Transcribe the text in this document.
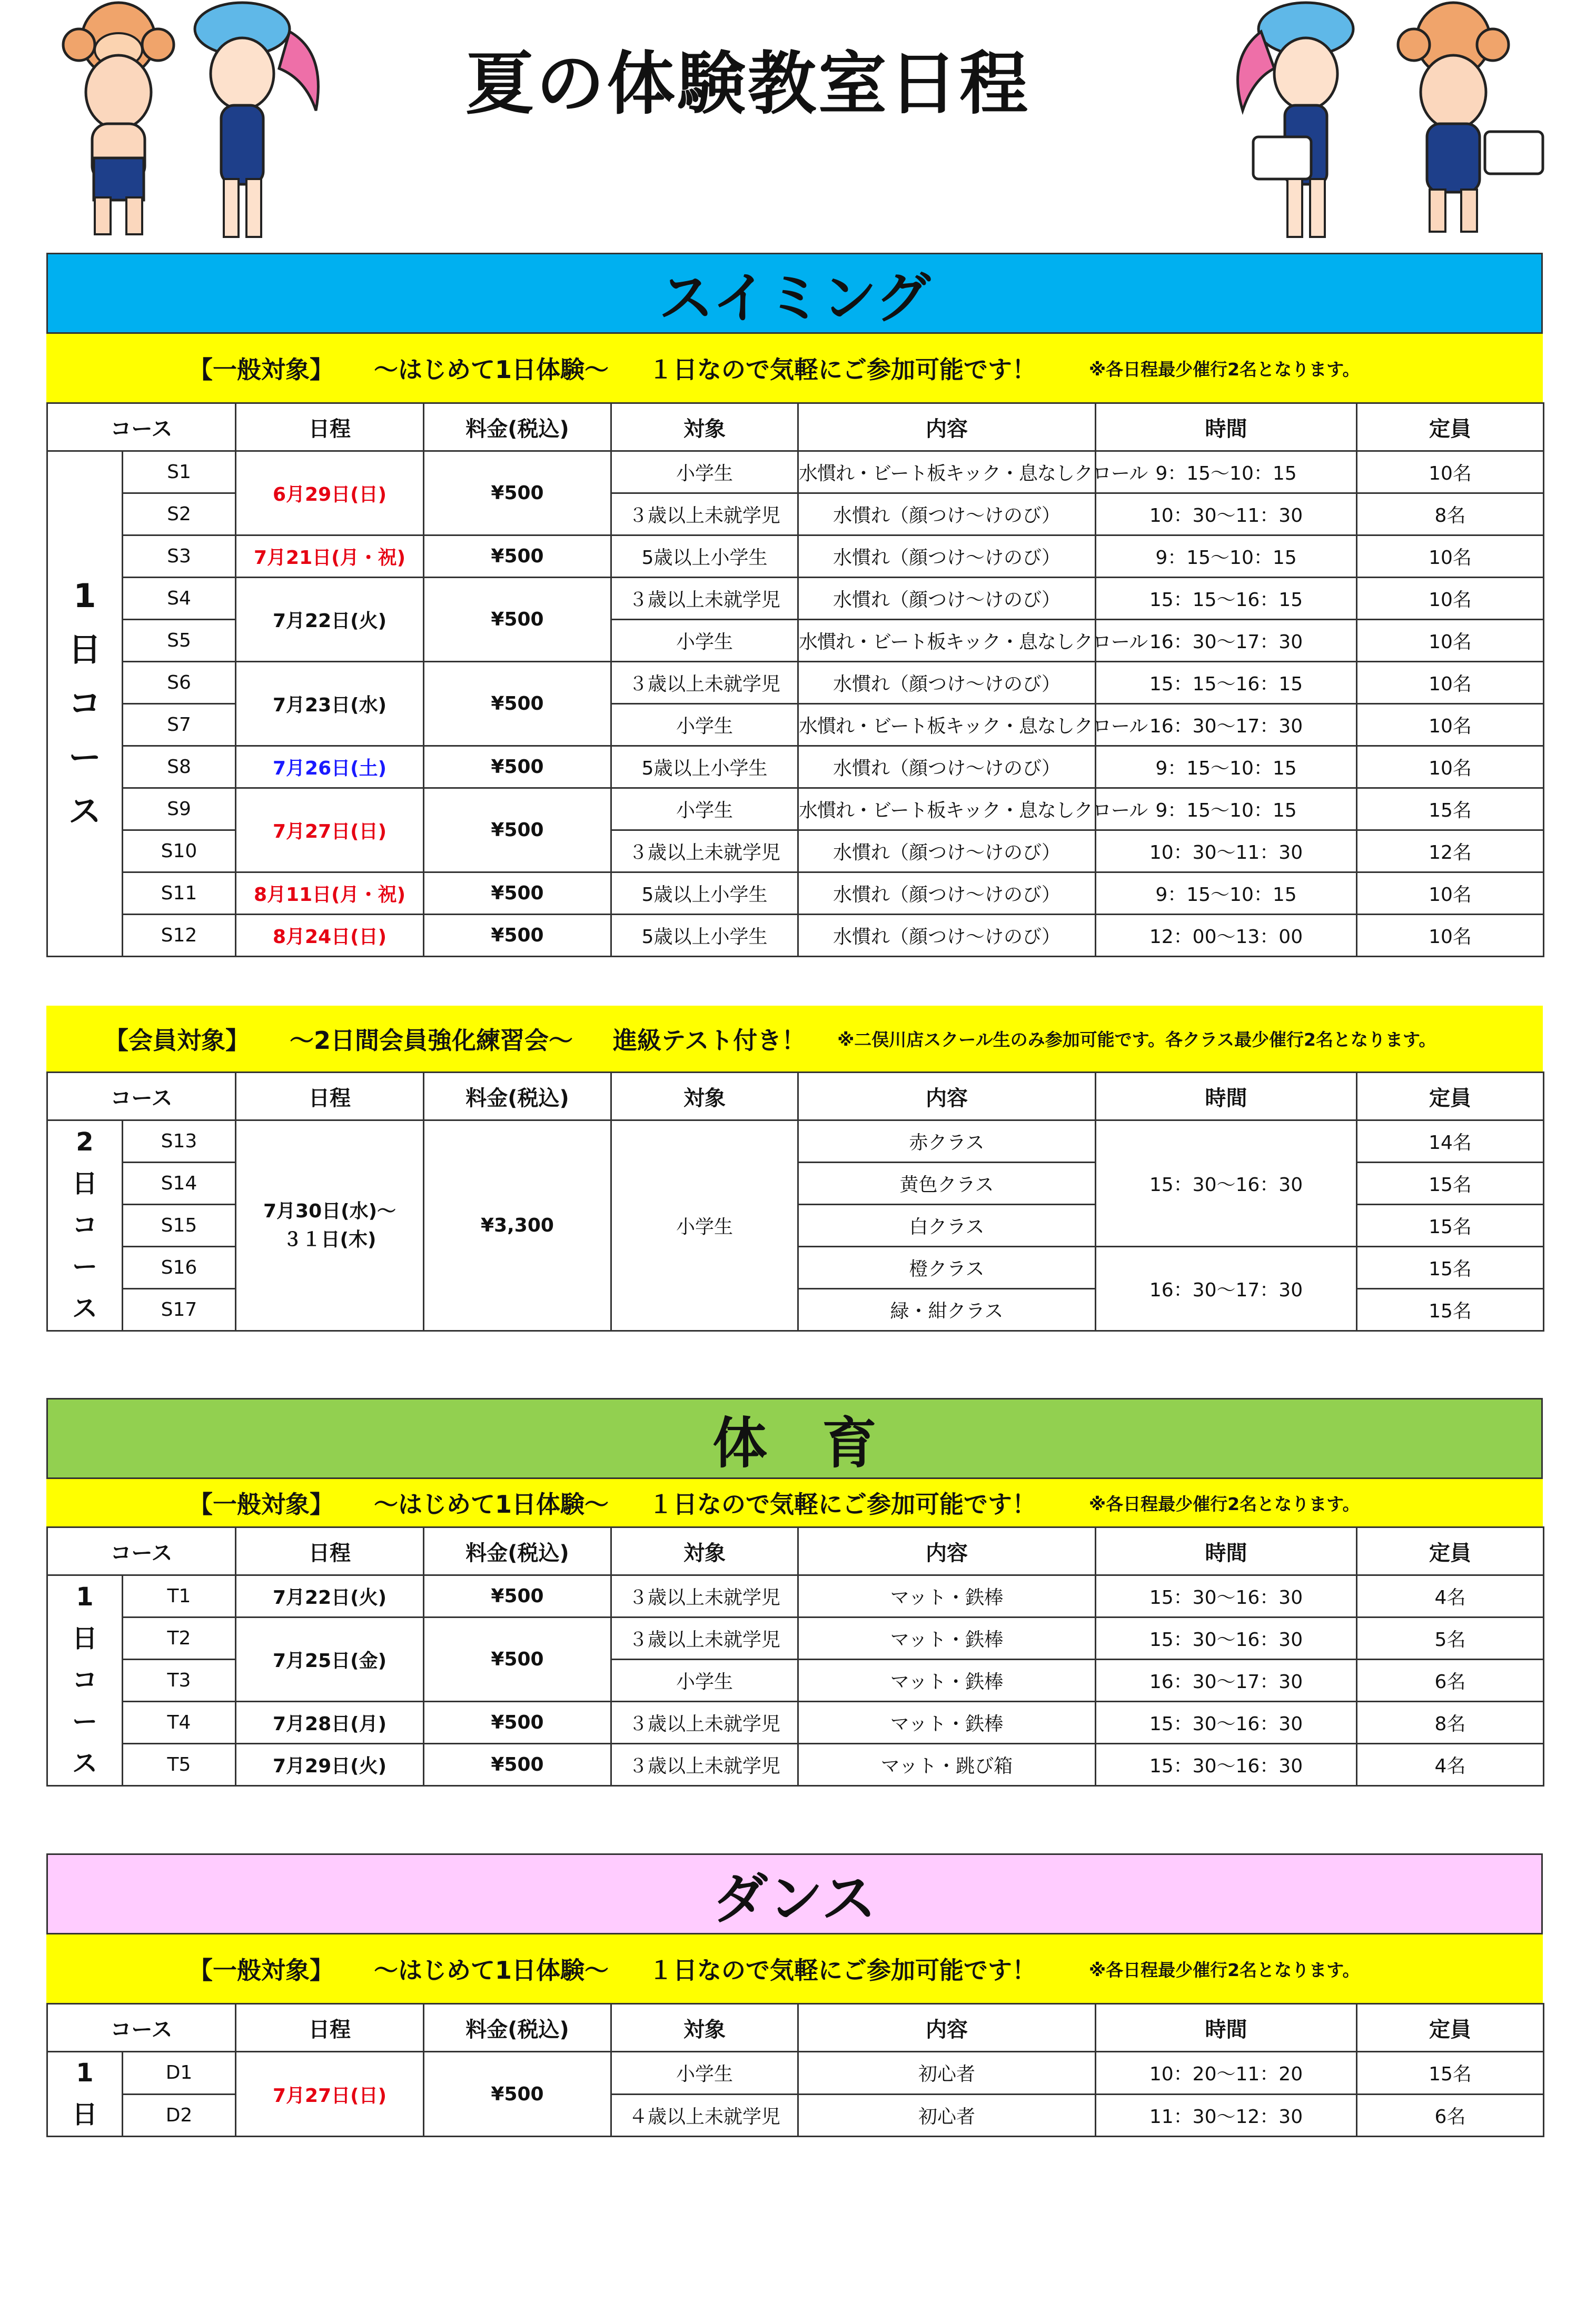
夏の体験教室日程
スイミング
【一般対象】 ～はじめて1日体験～ １日なので気軽にご参加可能です！	※各日程最少催行2名となります。
コース		日程	料金(税込)	対象	内容	時間	定員
1日コース	S1	6月29日(日)	¥500	小学生	水慣れ・ビート板キック・息なしクロール	9：15～10：15	10名
	S2			３歳以上未就学児	水慣れ（顔つけ～けのび）	10：30～11：30	8名
	S3	7月21日(月・祝)	¥500	5歳以上小学生	水慣れ（顔つけ～けのび）	9：15～10：15	10名
	S4	7月22日(火)	¥500	３歳以上未就学児	水慣れ（顔つけ～けのび）	15：15～16：15	10名
	S5			小学生	水慣れ・ビート板キック・息なしクロール	16：30～17：30	10名
	S6	7月23日(水)	¥500	３歳以上未就学児	水慣れ（顔つけ～けのび）	15：15～16：15	10名
	S7			小学生	水慣れ・ビート板キック・息なしクロール	16：30～17：30	10名
	S8	7月26日(土)	¥500	5歳以上小学生	水慣れ（顔つけ～けのび）	9：15～10：15	10名
	S9	7月27日(日)	¥500	小学生	水慣れ・ビート板キック・息なしクロール	9：15～10：15	15名
	S10			３歳以上未就学児	水慣れ（顔つけ～けのび）	10：30～11：30	12名
	S11	8月11日(月・祝)	¥500	5歳以上小学生	水慣れ（顔つけ～けのび）	9：15～10：15	10名
	S12	8月24日(日)	¥500	5歳以上小学生	水慣れ（顔つけ～けのび）	12：00～13：00	10名
【会員対象】 ～2日間会員強化練習会～ 進級テスト付き！	※二俣川店スクール生のみ参加可能です。各クラス最少催行2名となります。
コース		日程	料金(税込)	対象	内容	時間	定員
2日コース	S13	7月30日(水)～
３１日(木)	¥3,300	小学生	赤クラス	15：30～16：30	14名
	S14				黄色クラス		15名
	S15				白クラス		15名
	S16				橙クラス	16：30～17：30	15名
	S17				緑・紺クラス		15名
体　育
【一般対象】 ～はじめて1日体験～ １日なので気軽にご参加可能です！	※各日程最少催行2名となります。
コース		日程	料金(税込)	対象	内容	時間	定員
1日コース	T1	7月22日(火)	¥500	３歳以上未就学児	マット・鉄棒	15：30～16：30	4名
	T2	7月25日(金)	¥500	３歳以上未就学児	マット・鉄棒	15：30～16：30	5名
	T3			小学生	マット・鉄棒	16：30～17：30	6名
	T4	7月28日(月)	¥500	３歳以上未就学児	マット・鉄棒	15：30～16：30	8名
	T5	7月29日(火)	¥500	３歳以上未就学児	マット・跳び箱	15：30～16：30	4名
ダンス
【一般対象】 ～はじめて1日体験～ １日なので気軽にご参加可能です！	※各日程最少催行2名となります。
コース		日程	料金(税込)	対象	内容	時間	定員
1日	D1	7月27日(日)	¥500	小学生	初心者	10：20～11：20	15名
	D2			４歳以上未就学児	初心者	11：30～12：30	6名
